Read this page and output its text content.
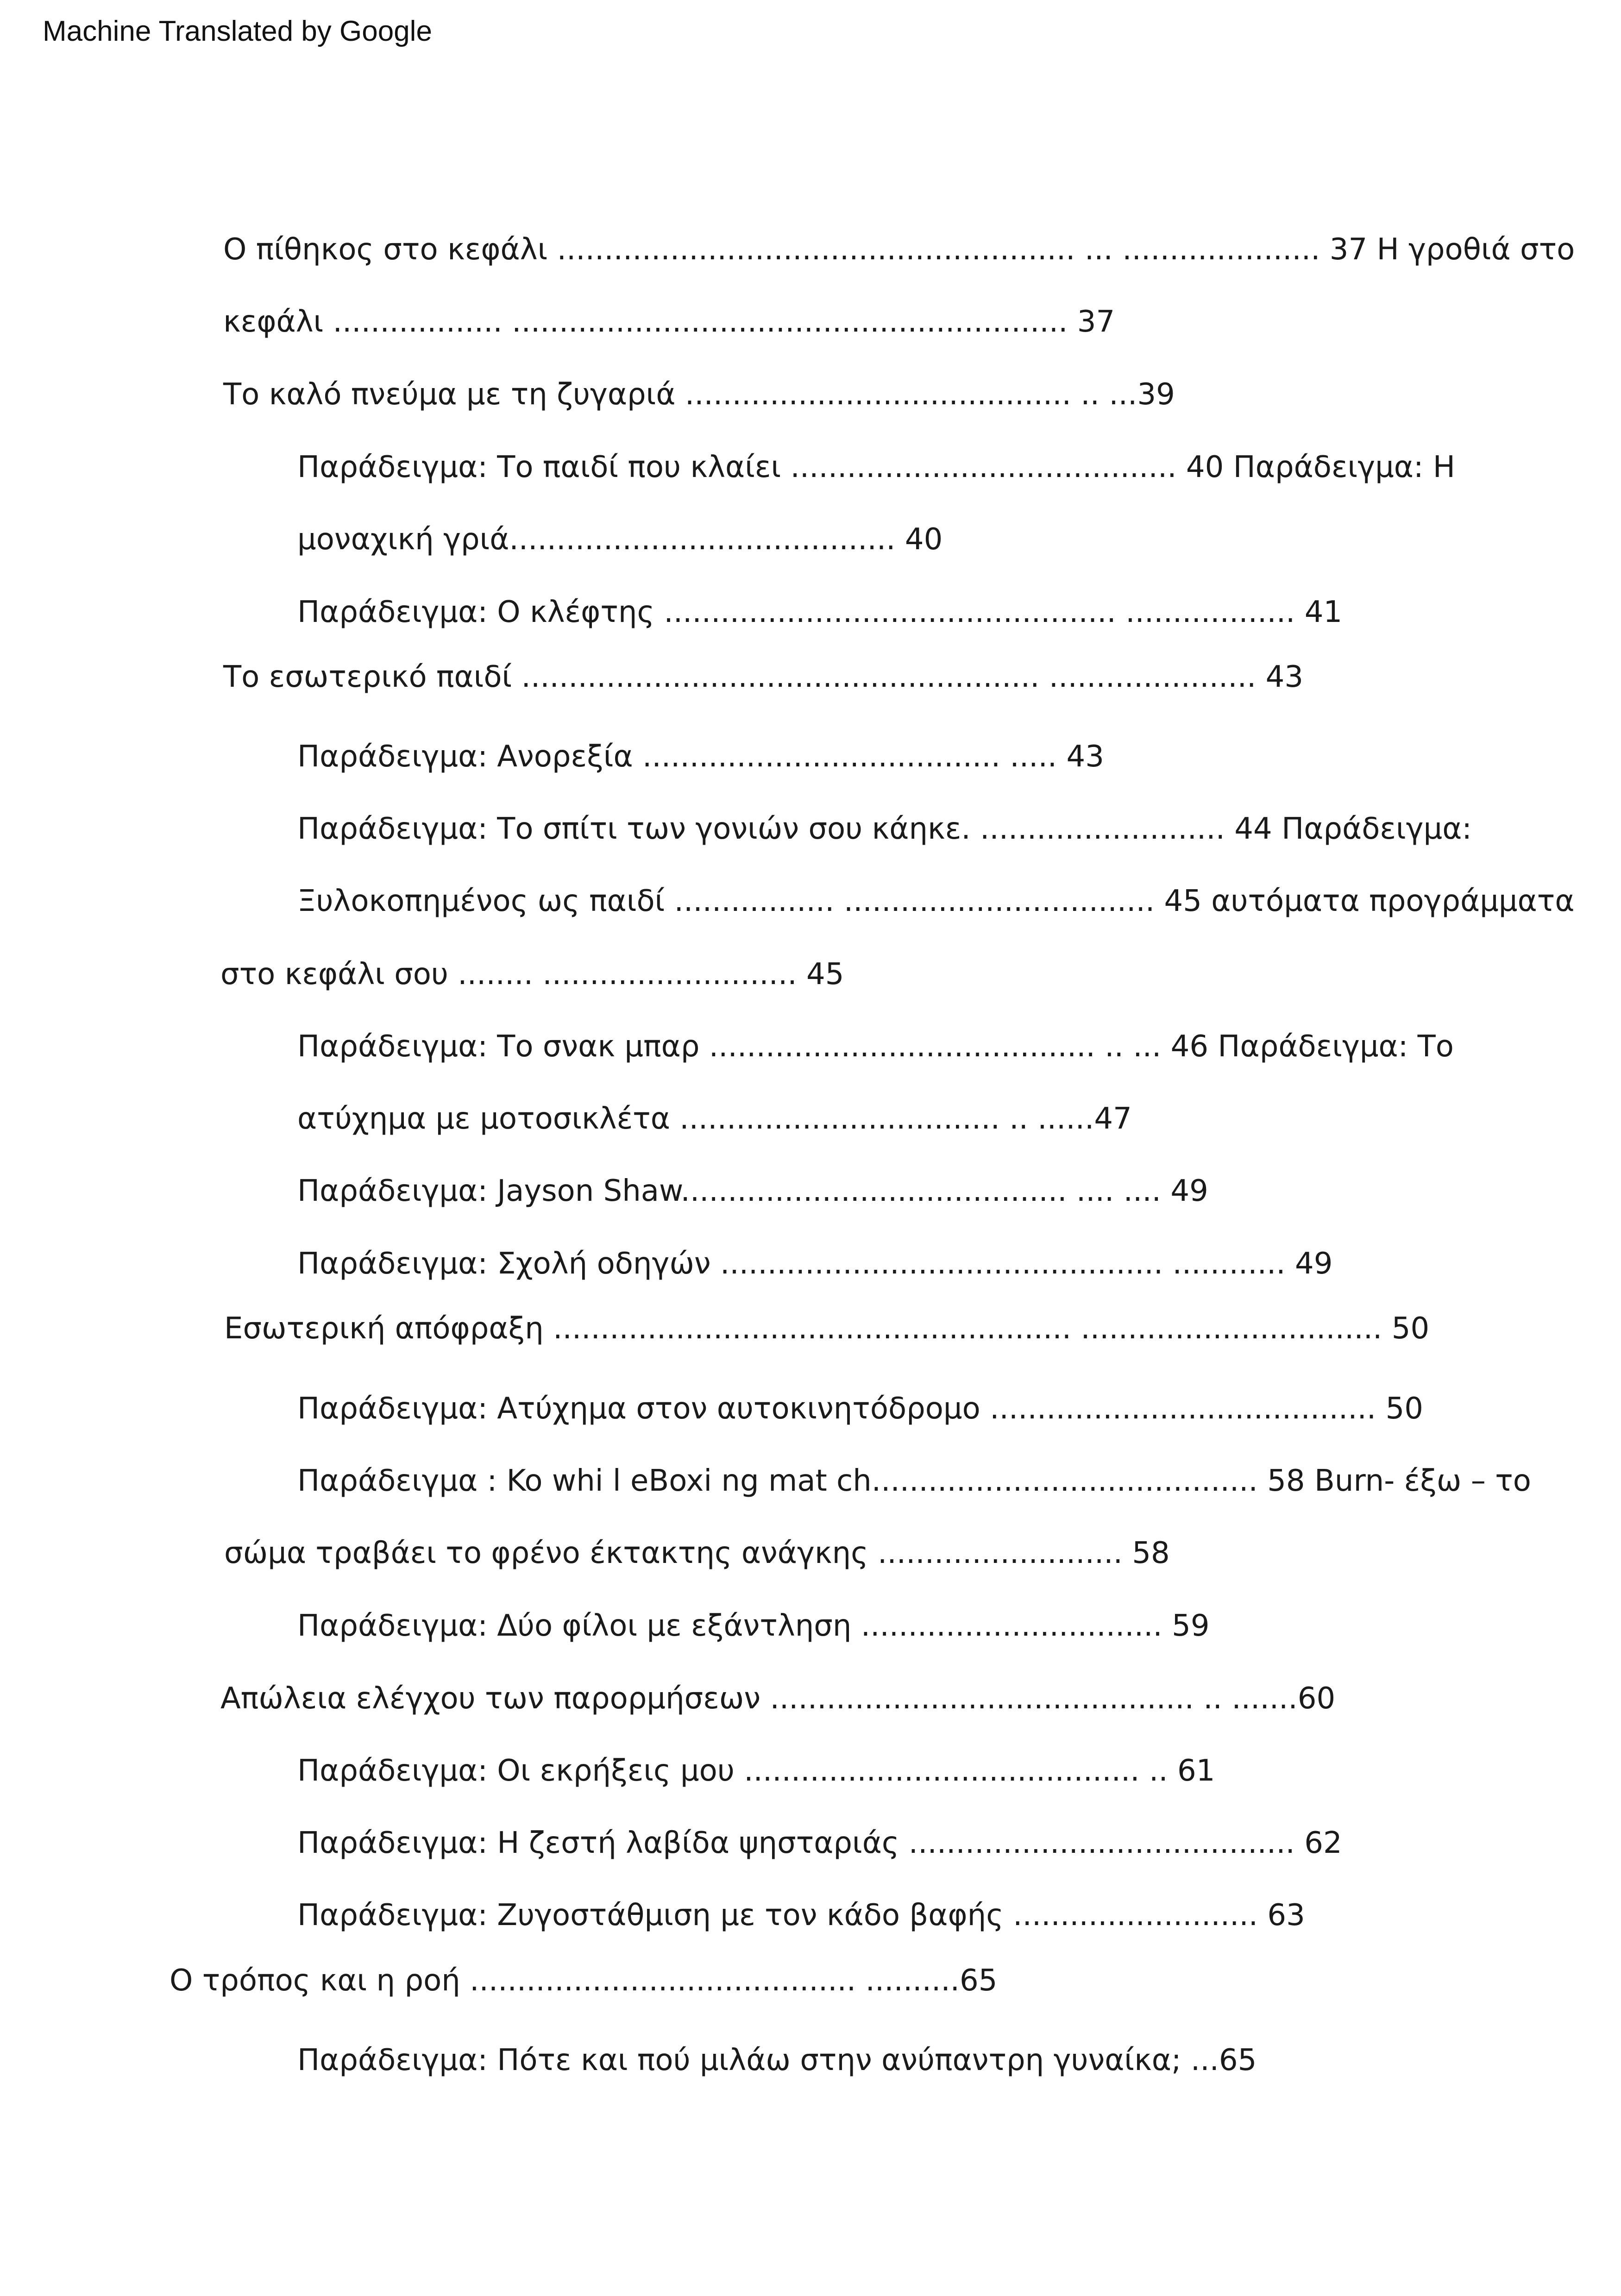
Machine Translated by Google
Ο πίθηκος στο κεφάλι ....................................................... ... ..................... 37 Η γροθιά στο
κεφάλι .................. ........................................................... 37
Το καλό πνεύμα με τη ζυγαριά ......................................... .. ...39
Παράδειγμα: Το παιδί που κλαίει ......................................... 40 Παράδειγμα: Η
μοναχική γριά......................................... 40
Παράδειγμα: Ο κλέφτης ................................................ .................. 41
Το εσωτερικό παιδί ....................................................... ...................... 43
Παράδειγμα: Ανορεξία ...................................... ..... 43
Παράδειγμα: Το σπίτι των γονιών σου κάηκε. .......................... 44 Παράδειγμα:
Ξυλοκοπημένος ως παιδί ................. ................................. 45 αυτόματα προγράμματα
στο κεφάλι σου ........ ........................... 45
Παράδειγμα: Το σνακ μπαρ ......................................... .. ... 46 Παράδειγμα: Το
ατύχημα με μοτοσικλέτα .................................. .. ......47
Παράδειγμα: Jayson Shaw......................................... .... .... 49
Παράδειγμα: Σχολή οδηγών ............................................... ............ 49
Εσωτερική απόφραξη ....................................................... ................................ 50
Παράδειγμα: Ατύχημα στον αυτοκινητόδρομο ......................................... 50
Παράδειγμα : Ko whi l eBoxi ng mat ch......................................... 58 Burn- έξω – το
σώμα τραβάει το φρένο έκτακτης ανάγκης .......................... 58
Παράδειγμα: Δύο φίλοι με εξάντληση ................................ 59
Απώλεια ελέγχου των παρορμήσεων ............................................. .. .......60
Παράδειγμα: Οι εκρήξεις μου .......................................... .. 61
Παράδειγμα: Η ζεστή λαβίδα ψησταριάς ......................................... 62
Παράδειγμα: Ζυγοστάθμιση με τον κάδο βαφής .......................... 63
Ο τρόπος και η ροή ......................................... ..........65
Παράδειγμα: Πότε και πού μιλάω στην ανύπαντρη γυναίκα; ...65
